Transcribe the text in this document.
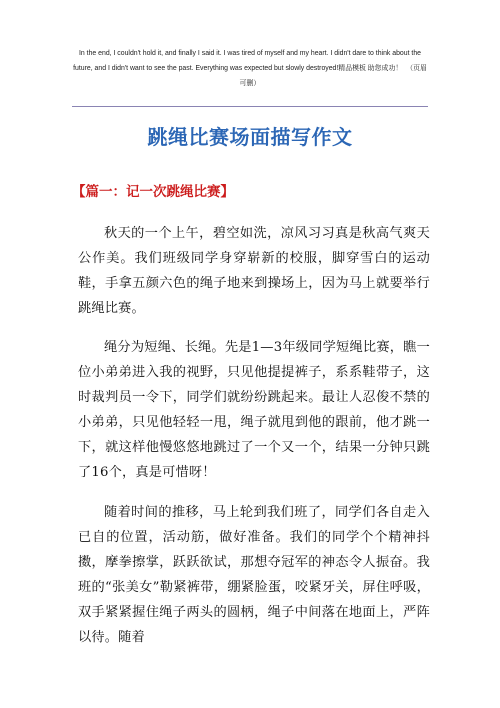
In the end, I couldn't hold it, and finally I said it. I was tired of myself and my heart. I didn't dare to think about the future, and I didn't want to see the past. Everything was expected but slowly destroyed!精品模板 助您成功！ （页眉可删）
跳绳比赛场面描写作文
【篇一：记一次跳绳比赛】

秋天的一个上午，碧空如洗，凉风习习真是秋高气爽天公作美。我们班级同学身穿崭新的校服，脚穿雪白的运动鞋，手拿五颜六色的绳子地来到操场上，因为马上就要举行跳绳比赛。

绳分为短绳、长绳。先是1—3年级同学短绳比赛，瞧一位小弟弟进入我的视野，只见他提提裤子，系系鞋带子，这时裁判员一令下，同学们就纷纷跳起来。最让人忍俊不禁的小弟弟，只见他轻轻一甩，绳子就甩到他的跟前，他才跳一下，就这样他慢悠悠地跳过了一个又一个，结果一分钟只跳了16个，真是可惜呀！

随着时间的推移，马上轮到我们班了，同学们各自走入已自的位置，活动筋，做好准备。我们的同学个个精神抖擞，摩拳擦掌，跃跃欲试，那想夺冠军的神态令人振奋。我班的“张美女”勒紧裤带，绷紧脸蛋，咬紧牙关，屏住呼吸，双手紧紧握住绳子两头的圆柄，绳子中间落在地面上，严阵以待。随着
